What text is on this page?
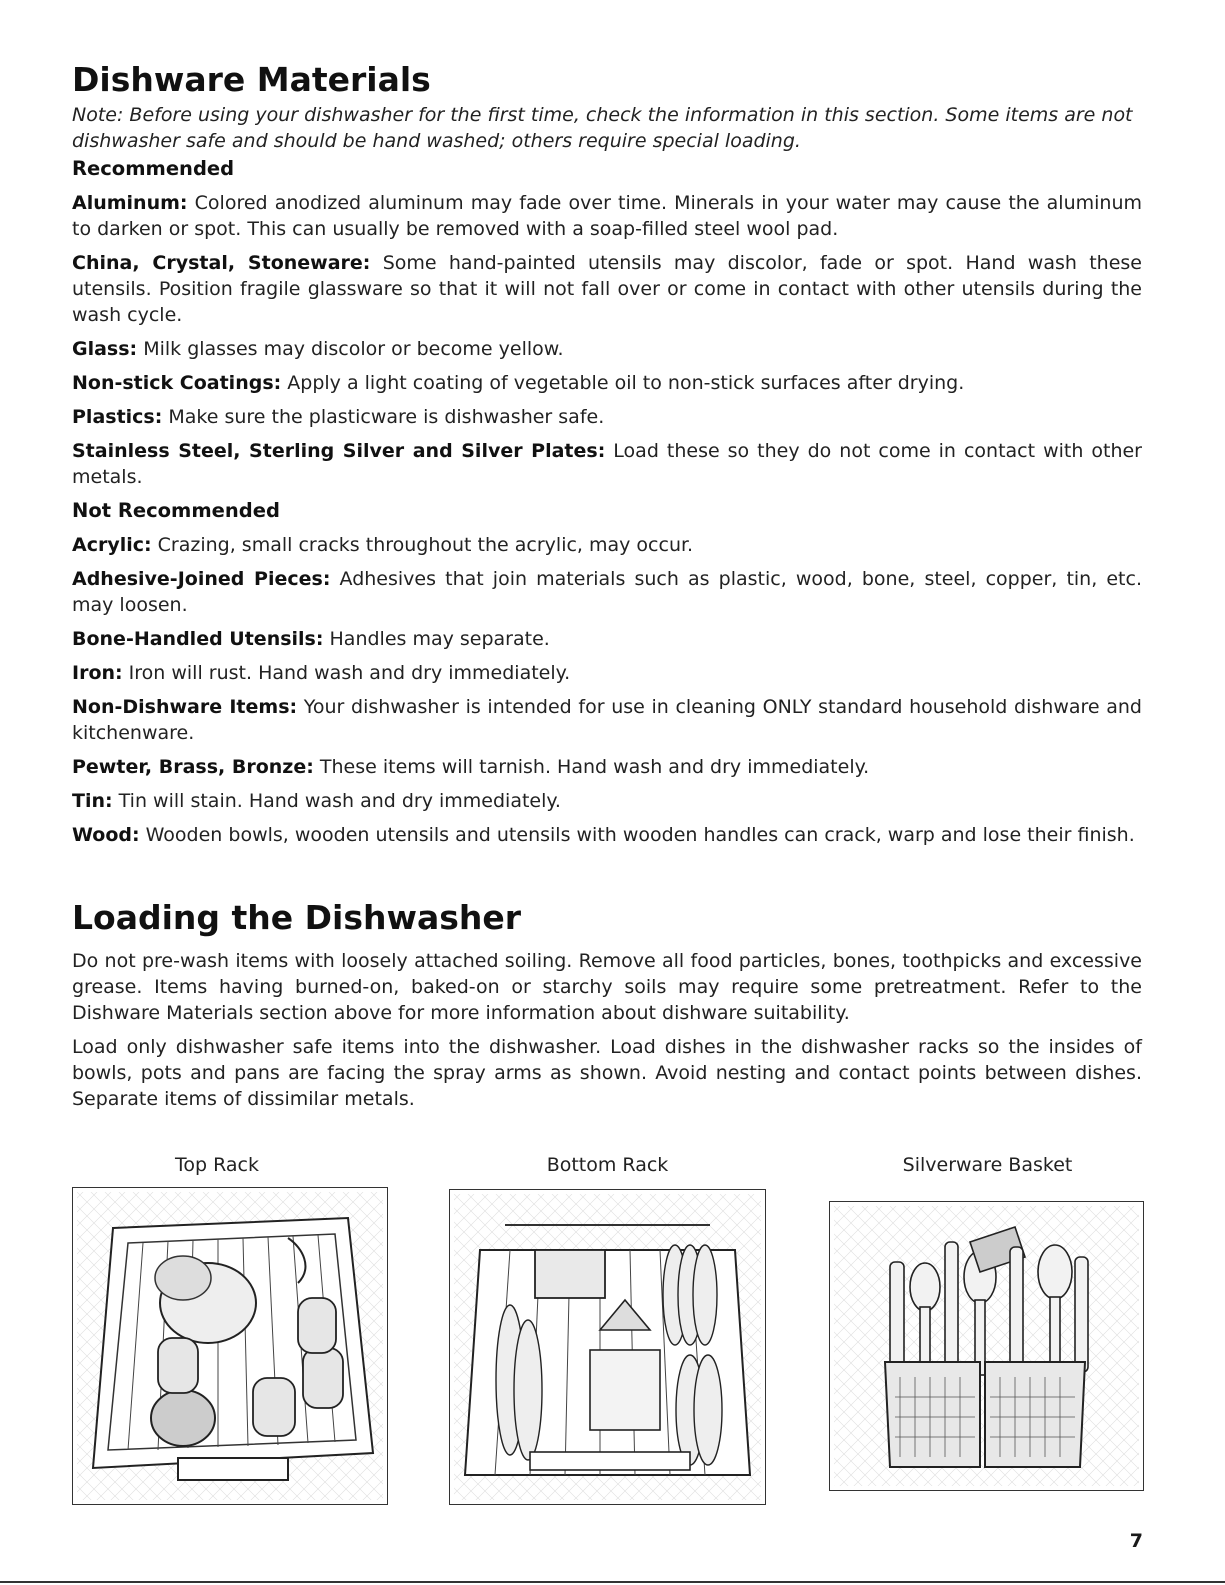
Dishware Materials
Note: Before using your dishwasher for the first time, check the information in this section. Some items are not dishwasher safe and should be hand washed; others require special loading.
Recommended

Aluminum: Colored anodized aluminum may fade over time. Minerals in your water may cause the aluminum to darken or spot. This can usually be removed with a soap-filled steel wool pad.

China, Crystal, Stoneware: Some hand-painted utensils may discolor, fade or spot. Hand wash these utensils. Position fragile glassware so that it will not fall over or come in contact with other utensils during the wash cycle.

Glass: Milk glasses may discolor or become yellow.

Non-stick Coatings: Apply a light coating of vegetable oil to non-stick surfaces after drying.

Plastics: Make sure the plasticware is dishwasher safe.

Stainless Steel, Sterling Silver and Silver Plates: Load these so they do not come in contact with other metals.

Not Recommended

Acrylic: Crazing, small cracks throughout the acrylic, may occur.

Adhesive-Joined Pieces: Adhesives that join materials such as plastic, wood, bone, steel, copper, tin, etc. may loosen.

Bone-Handled Utensils: Handles may separate.

Iron: Iron will rust. Hand wash and dry immediately.

Non-Dishware Items: Your dishwasher is intended for use in cleaning ONLY standard household dishware and kitchenware.

Pewter, Brass, Bronze: These items will tarnish. Hand wash and dry immediately.

Tin: Tin will stain. Hand wash and dry immediately.

Wood: Wooden bowls, wooden utensils and utensils with wooden handles can crack, warp and lose their finish.

Loading the Dishwasher

Do not pre-wash items with loosely attached soiling. Remove all food particles, bones, toothpicks and excessive grease. Items having burned-on, baked-on or starchy soils may require some pretreatment. Refer to the Dishware Materials section above for more information about dishware suitability.

Load only dishwasher safe items into the dishwasher. Load dishes in the dishwasher racks so the insides of bowls, pots and pans are facing the spray arms as shown. Avoid nesting and contact points between dishes. Separate items of dissimilar metals.

Top Rack	Bottom Rack	Silverware Basket
7
